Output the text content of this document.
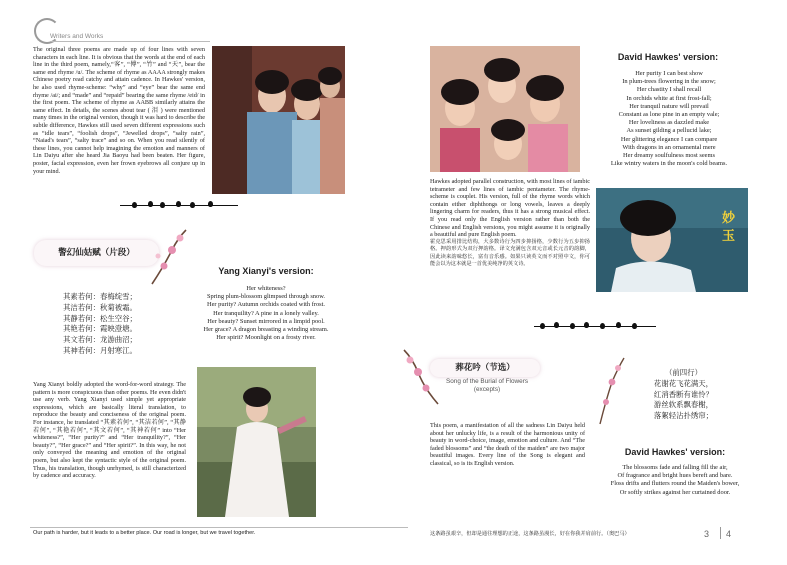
Writers and Works

The original three poems are made up of four lines with seven characters in each line. It is obvious that the words at the end of each line in the third poem, namely,“客”, “傅”, “竹” and “天”, bear the same end rhyme /u/. The scheme of rhyme as AAAA strongly makes Chinese poetry read catchy and attain cadence. In Hawkes' version, he also used rhyme-scheme: “why” and “eye” bear the same end rhyme /ai/; and “made” and “repaid” bearing the same rhyme /eid/ in the first poem. The scheme of rhyme as AABB similarly attains the same effect. In details, the scenes about tear ( 泪 ) were mentioned many times in the original version, though it was hard to describe the subtle difference, Hawkes still used seven different expressions such as “idle tears”, “foolish drops”, “Jewelled drops”, “salty rain”, “Naiad's tears”, “salty trace” and so on. When you read silently of these lines, you cannot help imagining the emotion and manners of Lin Daiyu after she heard Jia Baoyu had been beaten. Her figure, poster, facial expression, even her frown eyebrows all conjure up in your mind.

警幻仙姑赋（片段）
其素若何：春梅绽雪；
其洁若何：秋菊被霜。
其静若何：松生空谷；
其艳若何：霞映澄塘。
其文若何：龙游曲沼；
其神若何：月射寒江。
Yang Xianyi's version:
Her whiteness?
Spring plum-blossom glimpsed through snow.
Her purity? Autumn orchids coated with frost.
Her tranquility? A pine in a lonely valley.
Her beauty? Sunset mirrored in a limpid pool.
Her grace? A dragon breasting a winding stream.
Her spirit? Moonlight on a frosty river.

Yang Xianyi boldly adopted the word-for-word strategy. The pattern is more conspicuous than other poems. He even didn't use any verb. Yang Xianyi used simple yet appropriate expressions, which are basically literal translation, to reproduce the beauty and conciseness of the original poem. For instance, he translated “其素若何”, “其洁若何”, “其静若何”, “其艳若何”, “其文若何”, “其神若何” into “Her whiteness?”, “Her purity?” and “Her tranquility?”, “Her beauty?”, “Her grace?” and “Her spirit?”. In this way, he not only conveyed the meaning and emotion of the original poem, but also kept the syntactic style of the original poem. Thus, his translation, though unrhymed, is still characterized by cadence and accuracy.

Our path is harder, but it leads to a better place. Our road is longer, but we travel together.	3
David Hawkes' version:
Her purity I can best show
In plum-trees flowering in the snow;
Her chastity I shall recall
In orchids white at first frost-fall;
Her tranquil nature will prevail
Constant as lone pine in an empty vale;
Her loveliness as dazzled make
As sunset gilding a pellucid lake;
Her glittering elegance I can compare
With dragons in an ornamental mere
Her dreamy soulfulness most seems
Like wintry waters in the moon's cold beams.

Hawkes adopted parallel construction, with most lines of iambic tetrameter and few lines of iambic pentameter. The rhyme-scheme is couplet. His version, full of the rhyme words which contain either diphthongs or long vowels, leaves a deeply lingering charm for readers, thus it has a strong musical effect. If you read only the English version rather than both the Chinese and English versions, you might assume it is originally a beautiful and pure English poem.

霍克思采用排比结构，大多数诗行为四步抑扬格，少数行为五步抑扬格。押韵形式为双行押韵格。译文充满包含双元音或长元音的韵脚，因此读来韵味悠长，富有音乐感。如果只读英文而不对照中文，你可能会以为这本就是一首优美纯净的英文诗。

妙
玉
葬花吟（节选）
Song of the Burial of Flowers
(excepts)

This poem, a manifestation of all the sadness Lin Daiyu held about her unlucky life, is a result of the harmonious unity of beauty in word-choice, image, emotion and culture. And “The faded blossoms” and “the death of the maiden” are two major beautiful images. Every line of the Song is elegant and classical, so is its English version.

（前四行）
花谢花飞花满天，
红消香断有谁怜？
游丝软系飘春榭，
落絮轻沾扑绣帘；
David Hawkes' version:
The blossoms fade and falling fill the air,
Of fragrance and bright hues bereft and bare.
Floss drifts and flutters round the Maiden's bower,
Or softly strikes against her curtained door.
这条路虽艰辛，但却是通往理想的正途，这条路虽漫长，好在你我并肩前行。（奥巴马）	4
